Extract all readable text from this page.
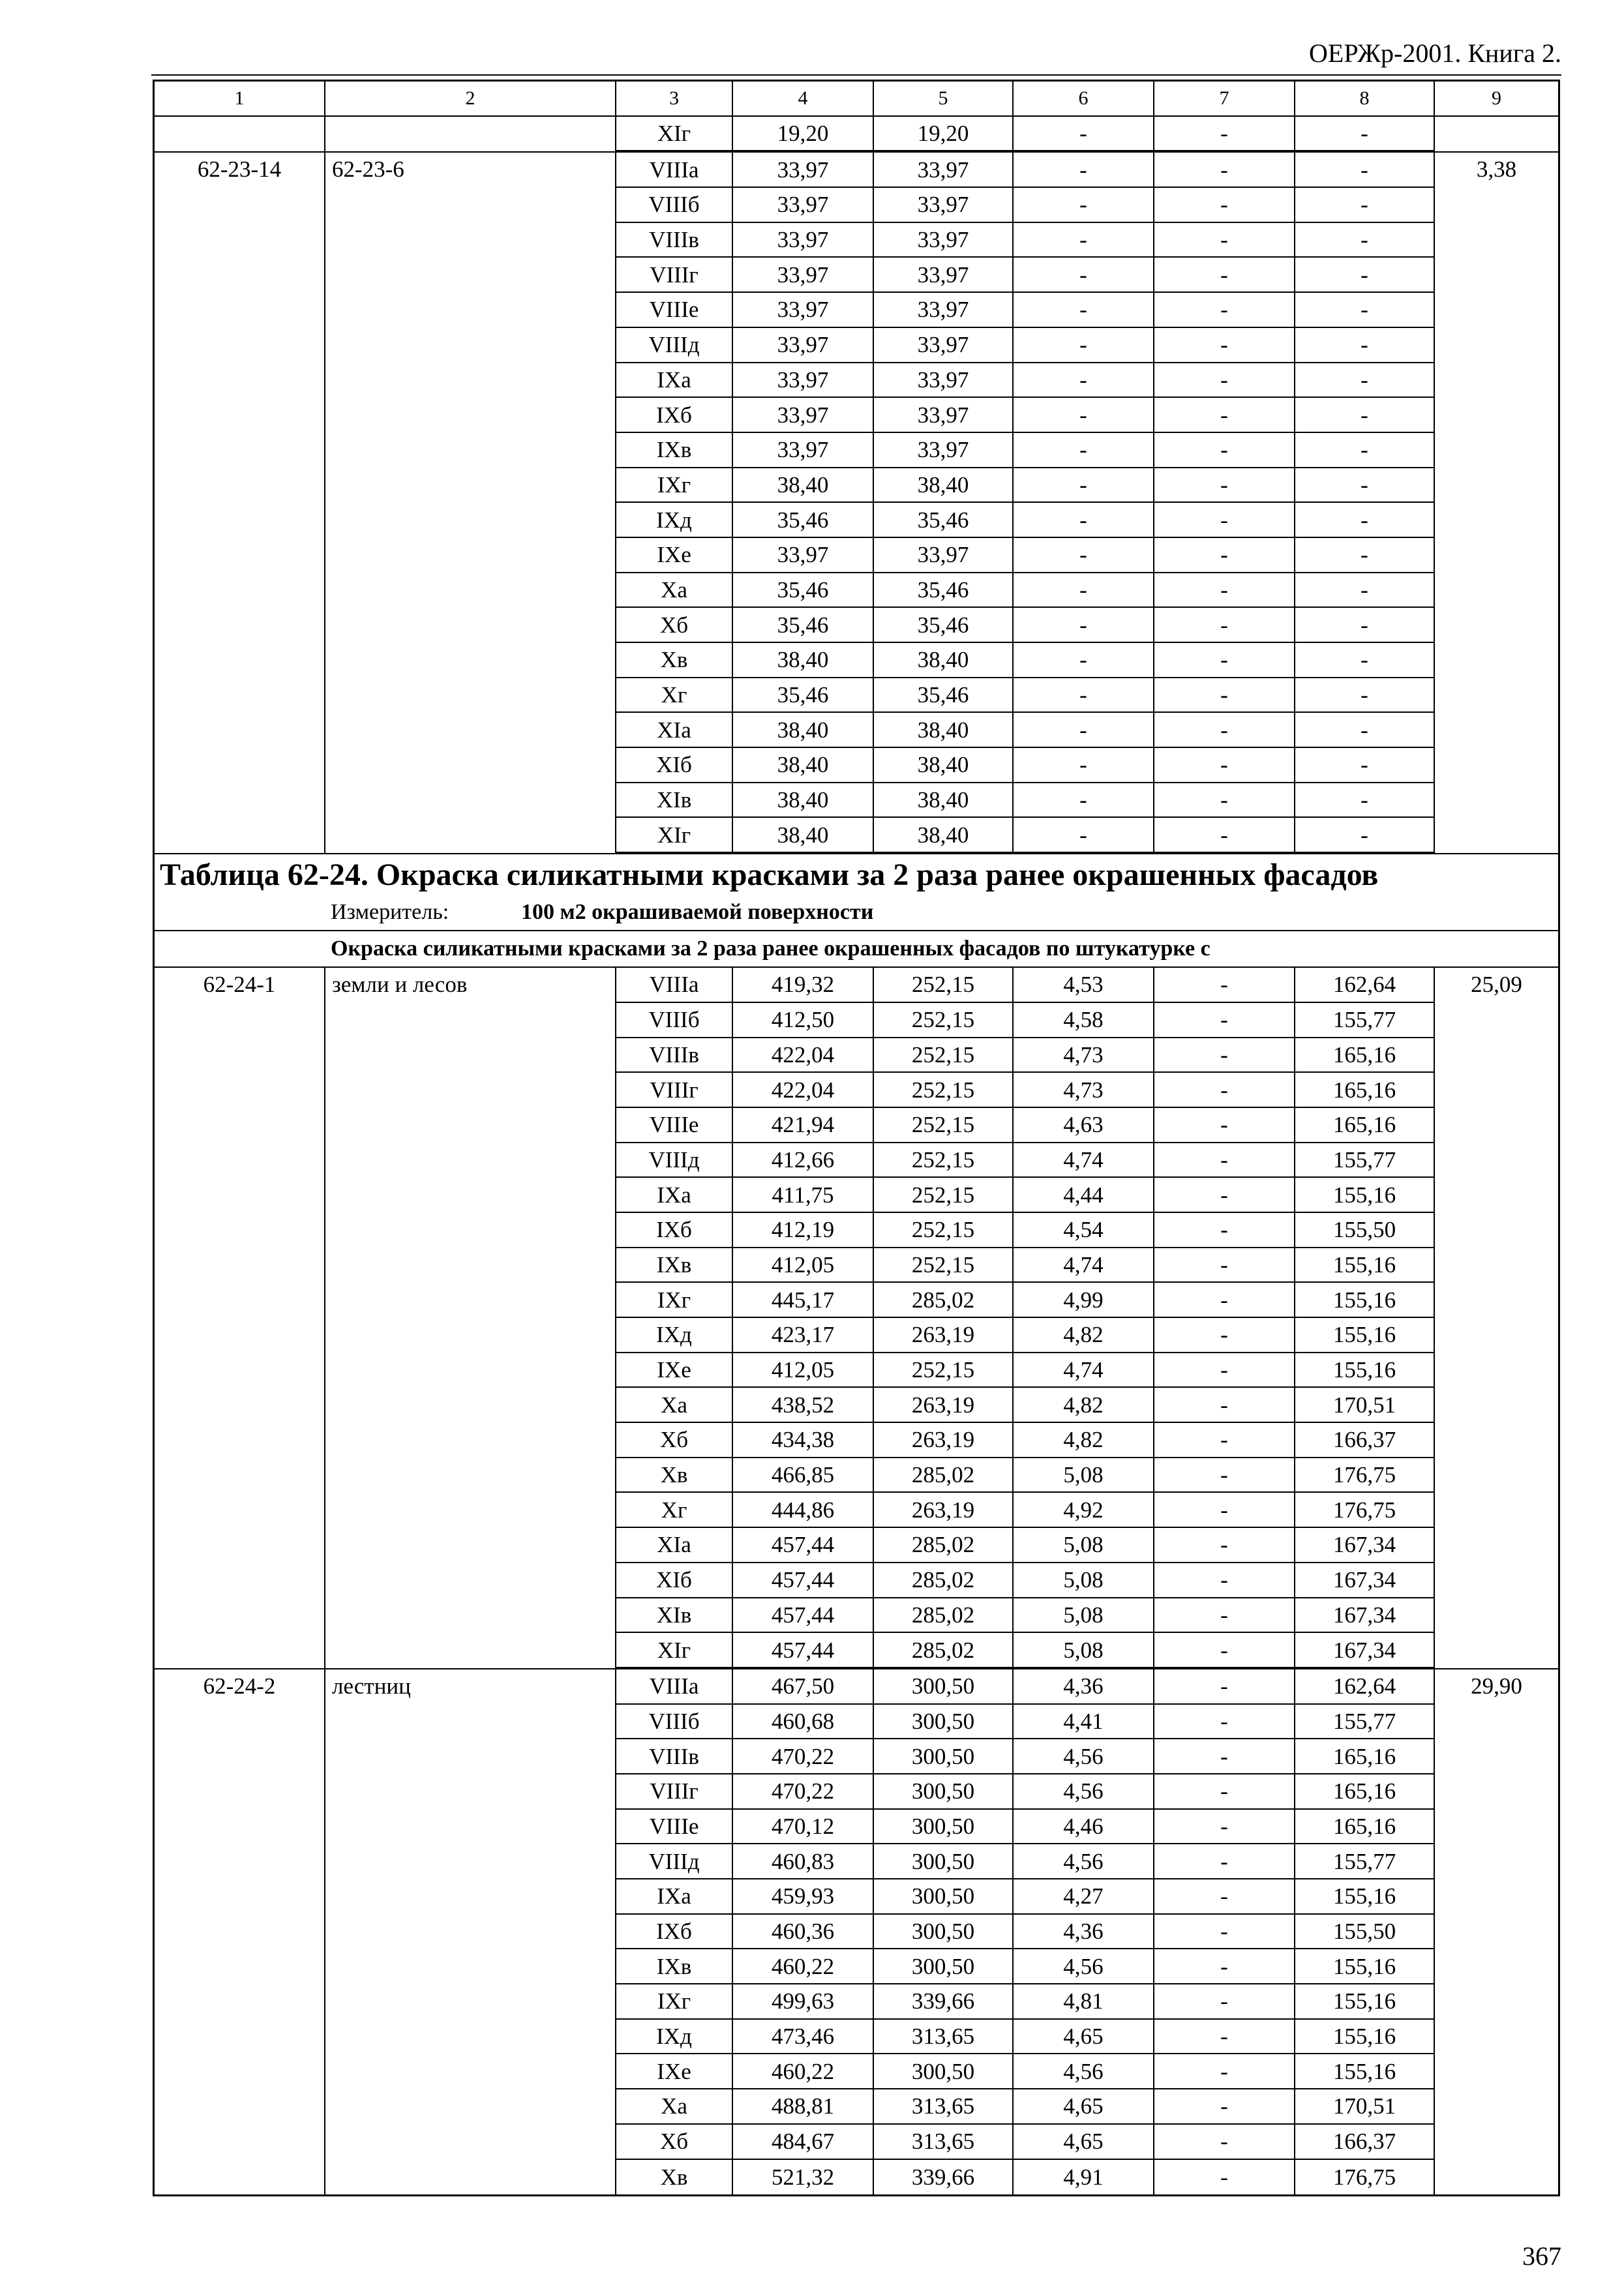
ОЕРЖр-2001. Книга 2.
1	2	3	4	5	6	7	8	9
XIг	19,20	19,20	-	-	-
62-23-14	62-23-6	VIIIа	33,97	33,97	-	-	-	3,38
VIIIб	33,97	33,97	-	-	-
VIIIв	33,97	33,97	-	-	-
VIIIг	33,97	33,97	-	-	-
VIIIе	33,97	33,97	-	-	-
VIIIд	33,97	33,97	-	-	-
IXа	33,97	33,97	-	-	-
IXб	33,97	33,97	-	-	-
IXв	33,97	33,97	-	-	-
IXг	38,40	38,40	-	-	-
IXд	35,46	35,46	-	-	-
IXе	33,97	33,97	-	-	-
Xа	35,46	35,46	-	-	-
Xб	35,46	35,46	-	-	-
Xв	38,40	38,40	-	-	-
Xг	35,46	35,46	-	-	-
XIа	38,40	38,40	-	-	-
XIб	38,40	38,40	-	-	-
XIв	38,40	38,40	-	-	-
XIг	38,40	38,40	-	-	-
Таблица 62-24. Окраска силикатными красками за 2 раза ранее окрашенных фасадов
Измеритель:	100 м2 окрашиваемой поверхности
Окраска силикатными красками за 2 раза ранее окрашенных фасадов по штукатурке с
62-24-1	земли и лесов	VIIIа	419,32	252,15	4,53	-	162,64	25,09
VIIIб	412,50	252,15	4,58	-	155,77
VIIIв	422,04	252,15	4,73	-	165,16
VIIIг	422,04	252,15	4,73	-	165,16
VIIIе	421,94	252,15	4,63	-	165,16
VIIIд	412,66	252,15	4,74	-	155,77
IXа	411,75	252,15	4,44	-	155,16
IXб	412,19	252,15	4,54	-	155,50
IXв	412,05	252,15	4,74	-	155,16
IXг	445,17	285,02	4,99	-	155,16
IXд	423,17	263,19	4,82	-	155,16
IXе	412,05	252,15	4,74	-	155,16
Xа	438,52	263,19	4,82	-	170,51
Xб	434,38	263,19	4,82	-	166,37
Xв	466,85	285,02	5,08	-	176,75
Xг	444,86	263,19	4,92	-	176,75
XIа	457,44	285,02	5,08	-	167,34
XIб	457,44	285,02	5,08	-	167,34
XIв	457,44	285,02	5,08	-	167,34
XIг	457,44	285,02	5,08	-	167,34
62-24-2	лестниц	VIIIа	467,50	300,50	4,36	-	162,64	29,90
VIIIб	460,68	300,50	4,41	-	155,77
VIIIв	470,22	300,50	4,56	-	165,16
VIIIг	470,22	300,50	4,56	-	165,16
VIIIе	470,12	300,50	4,46	-	165,16
VIIIд	460,83	300,50	4,56	-	155,77
IXа	459,93	300,50	4,27	-	155,16
IXб	460,36	300,50	4,36	-	155,50
IXв	460,22	300,50	4,56	-	155,16
IXг	499,63	339,66	4,81	-	155,16
IXд	473,46	313,65	4,65	-	155,16
IXе	460,22	300,50	4,56	-	155,16
Xа	488,81	313,65	4,65	-	170,51
Xб	484,67	313,65	4,65	-	166,37
Xв	521,32	339,66	4,91	-	176,75
367
